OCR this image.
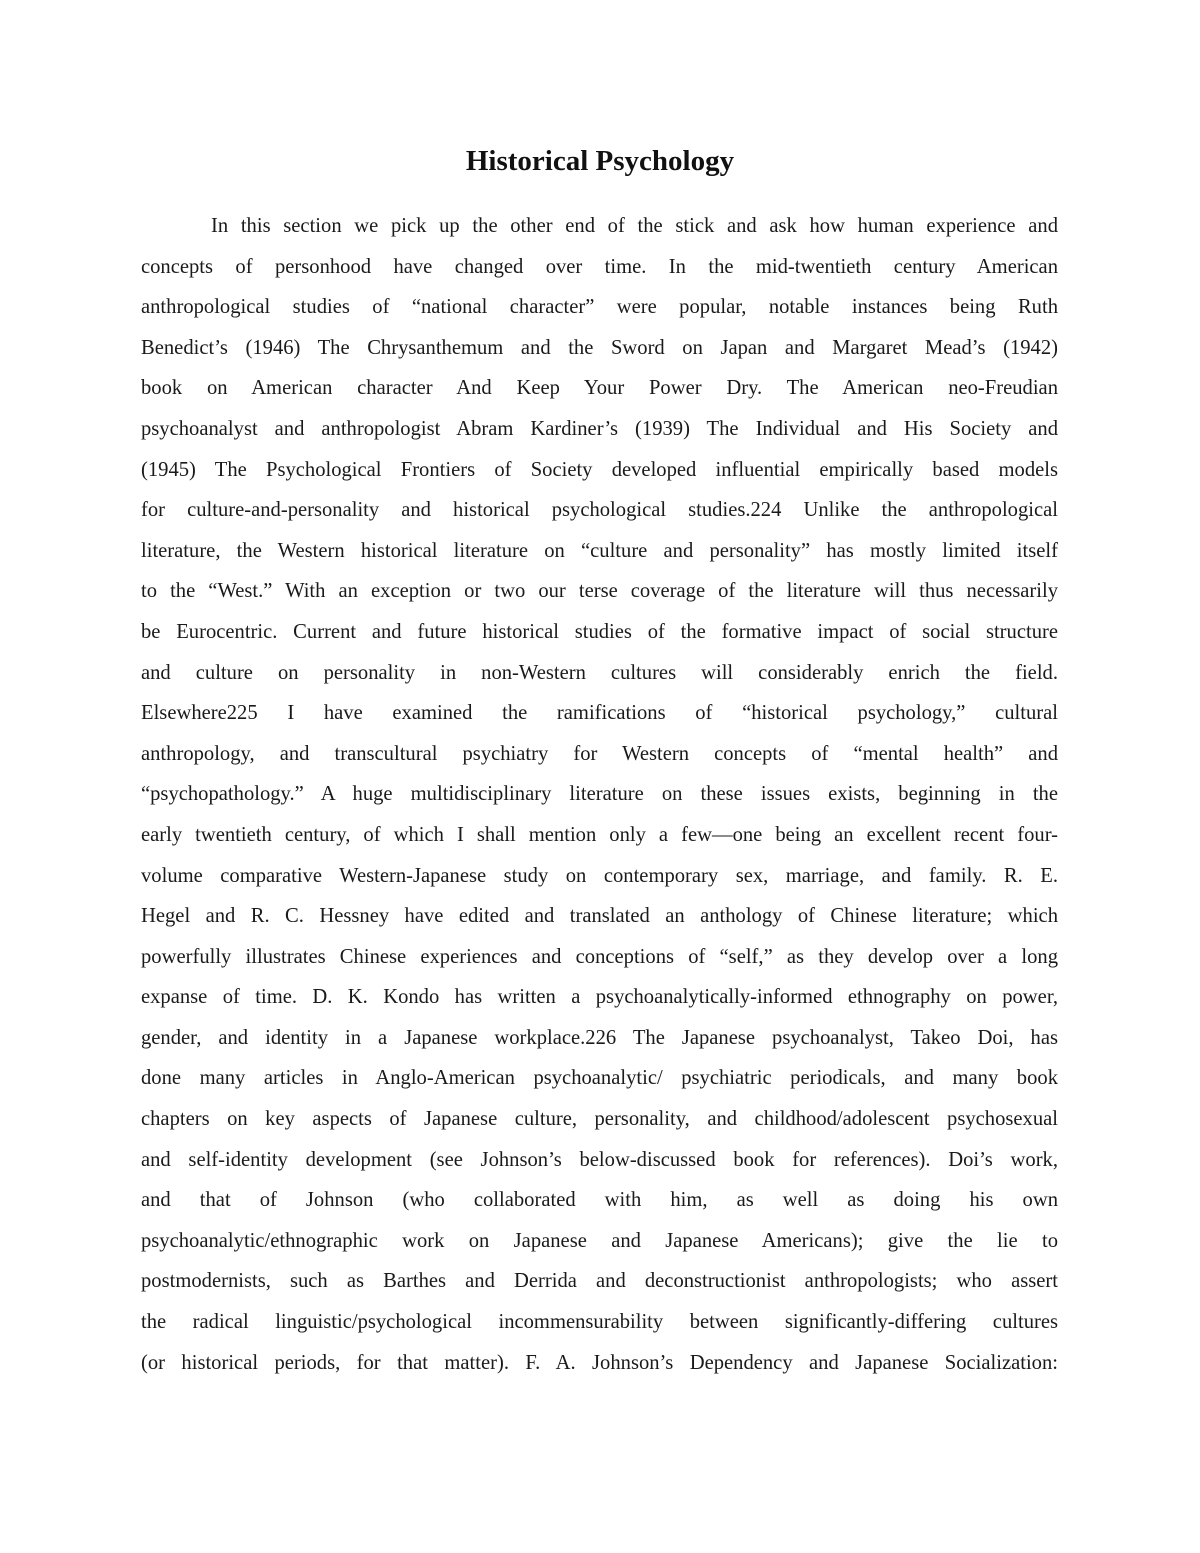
Historical Psychology
In this section we pick up the other end of the stick and ask how human experience and
concepts of personhood have changed over time. In the mid-twentieth century American
anthropological studies of “national character” were popular, notable instances being Ruth
Benedict’s (1946) The Chrysanthemum and the Sword on Japan and Margaret Mead’s (1942)
book on American character And Keep Your Power Dry. The American neo-Freudian
psychoanalyst and anthropologist Abram Kardiner’s (1939) The Individual and His Society and
(1945) The Psychological Frontiers of Society developed influential empirically based models
for culture-and-personality and historical psychological studies.224 Unlike the anthropological
literature, the Western historical literature on “culture and personality” has mostly limited itself
to the “West.” With an exception or two our terse coverage of the literature will thus necessarily
be Eurocentric. Current and future historical studies of the formative impact of social structure
and culture on personality in non-Western cultures will considerably enrich the field.
Elsewhere225 I have examined the ramifications of “historical psychology,” cultural
anthropology, and transcultural psychiatry for Western concepts of “mental health” and
“psychopathology.” A huge multidisciplinary literature on these issues exists, beginning in the
early twentieth century, of which I shall mention only a few—one being an excellent recent four-
volume comparative Western-Japanese study on contemporary sex, marriage, and family. R. E.
Hegel and R. C. Hessney have edited and translated an anthology of Chinese literature; which
powerfully illustrates Chinese experiences and conceptions of “self,” as they develop over a long
expanse of time. D. K. Kondo has written a psychoanalytically-informed ethnography on power,
gender, and identity in a Japanese workplace.226 The Japanese psychoanalyst, Takeo Doi, has
done many articles in Anglo-American psychoanalytic/ psychiatric periodicals, and many book
chapters on key aspects of Japanese culture, personality, and childhood/adolescent psychosexual
and self-identity development (see Johnson’s below-discussed book for references). Doi’s work,
and that of Johnson (who collaborated with him, as well as doing his own
psychoanalytic/ethnographic work on Japanese and Japanese Americans); give the lie to
postmodernists, such as Barthes and Derrida and deconstructionist anthropologists; who assert
the radical linguistic/psychological incommensurability between significantly-differing cultures
(or historical periods, for that matter). F. A. Johnson’s Dependency and Japanese Socialization:
